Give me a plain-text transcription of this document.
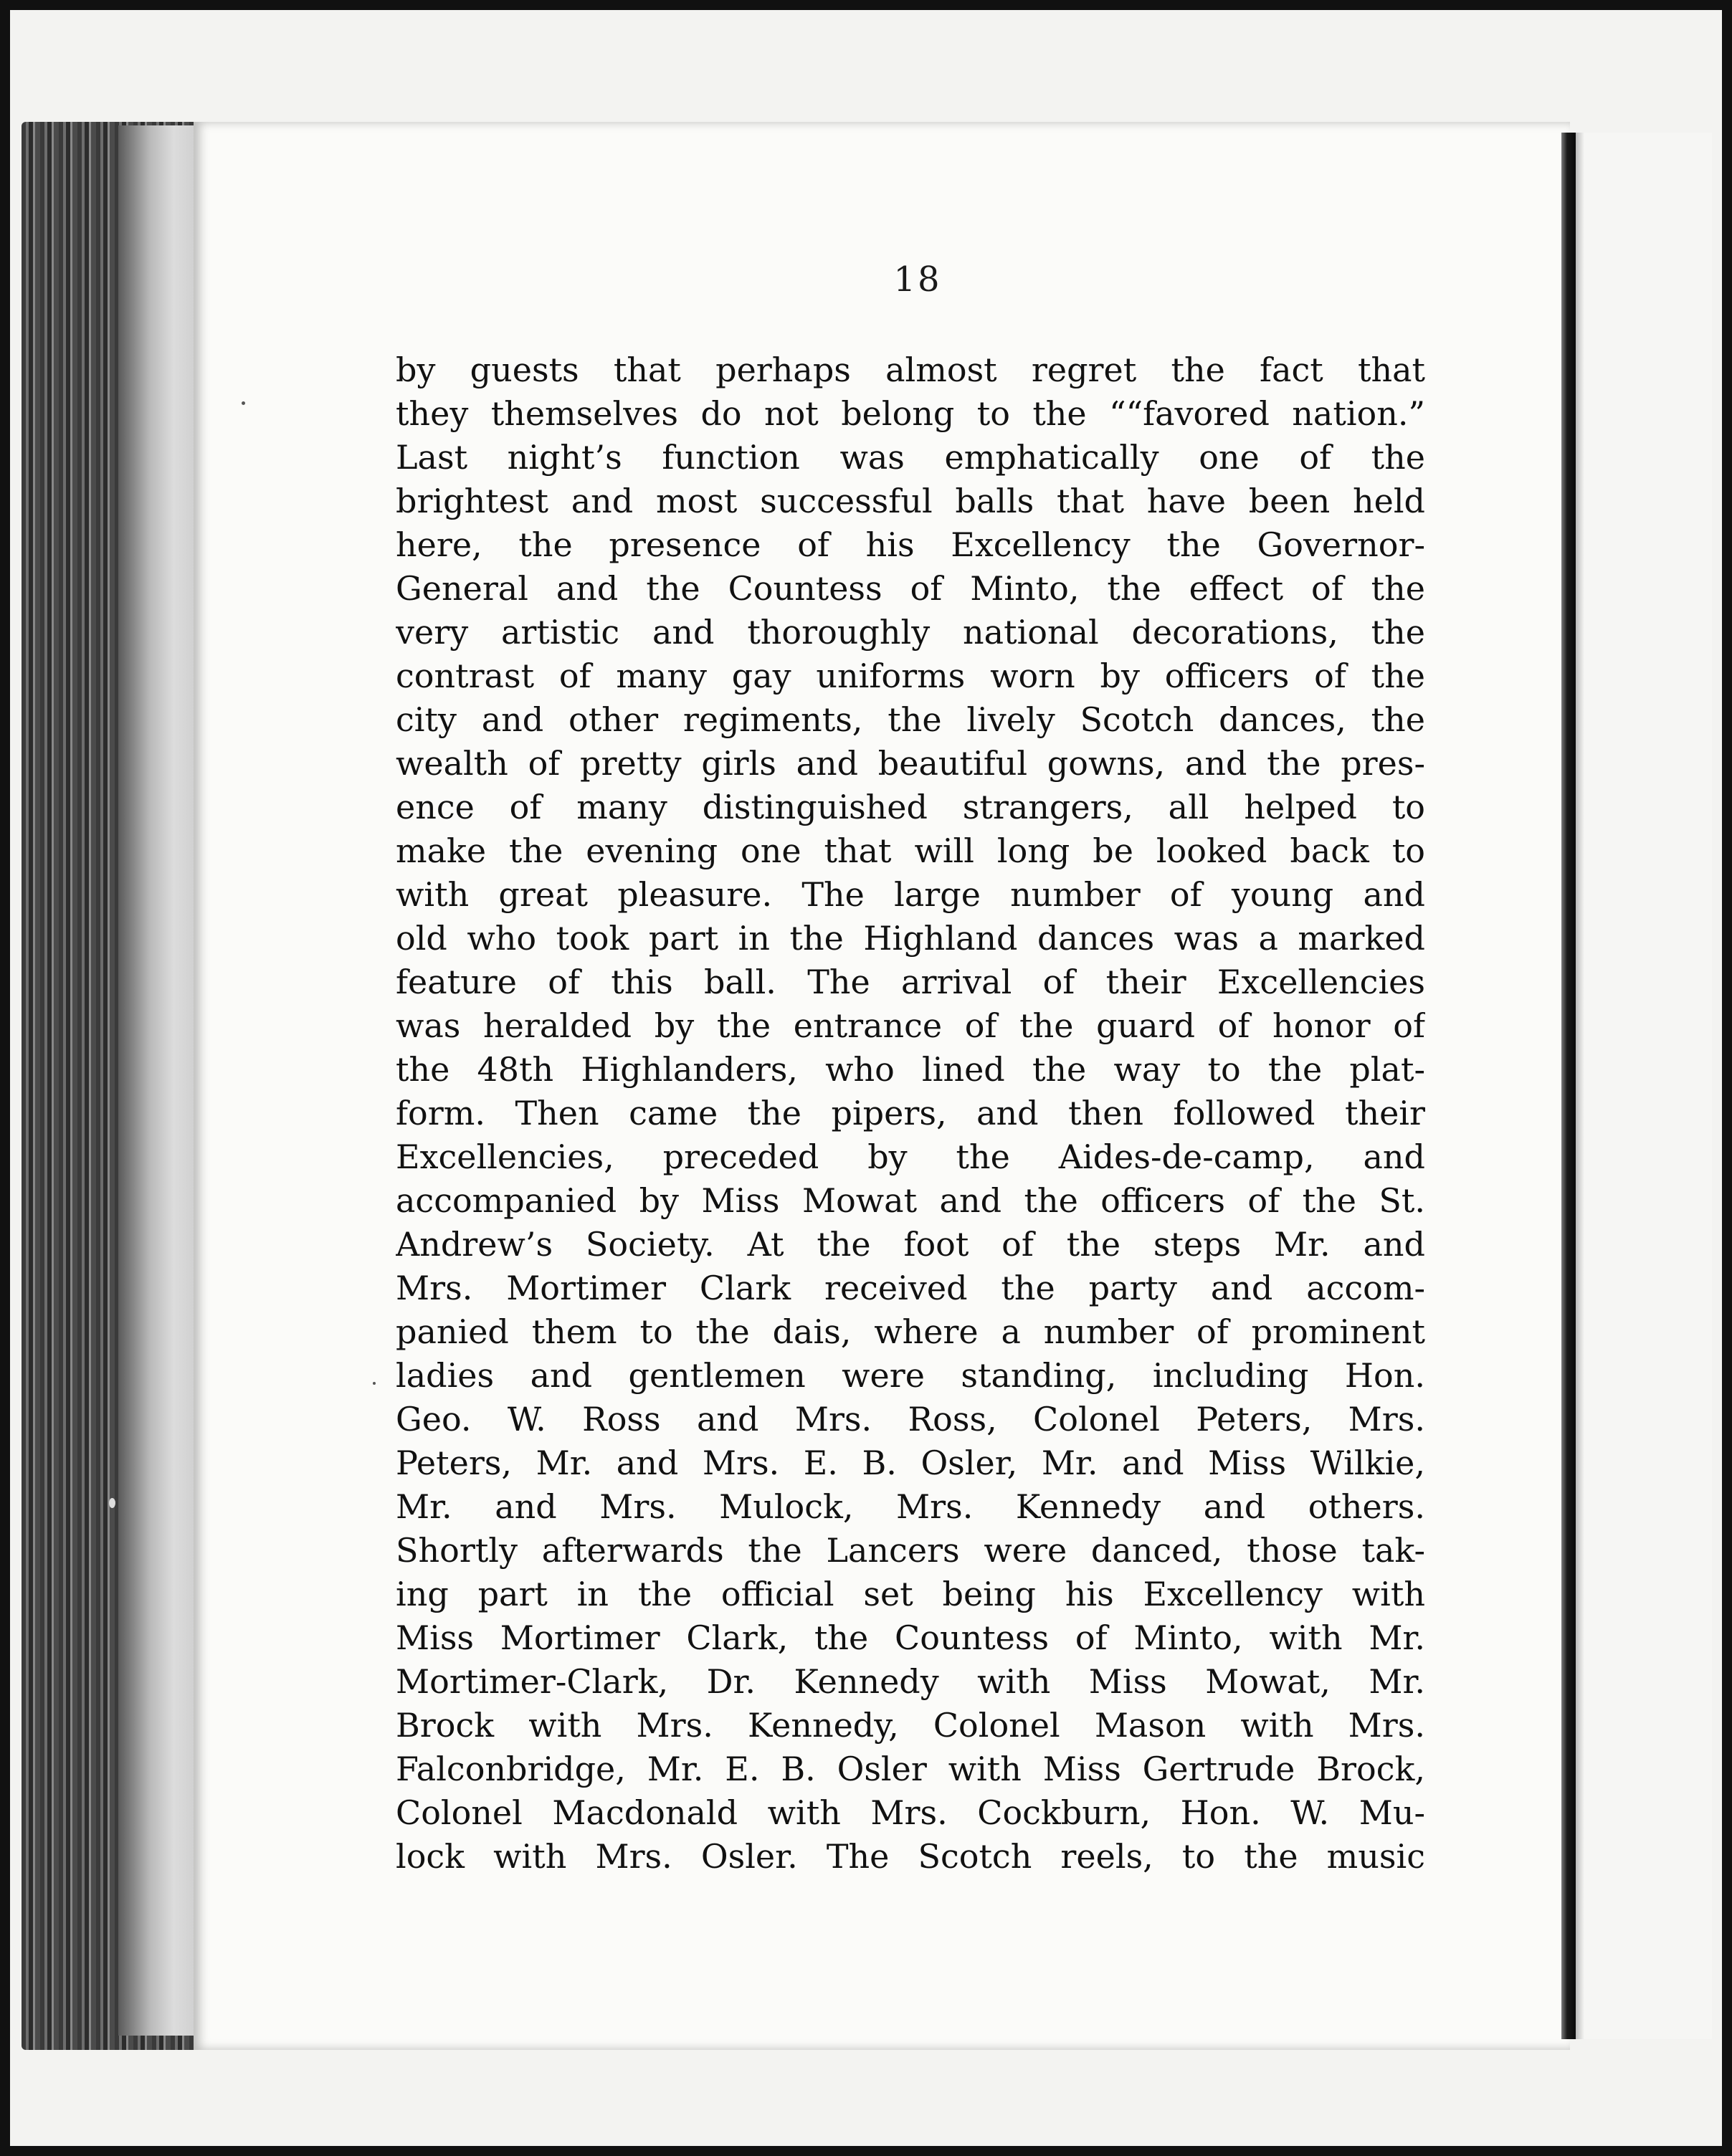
18

by guests that perhaps almost regret the fact that
they themselves do not belong to the ““favored nation.”
Last night’s function was emphatically one of the
brightest and most successful balls that have been held
here, the presence of his Excellency the Governor-
General and the Countess of Minto, the effect of the
very artistic and thoroughly national decorations, the
contrast of many gay uniforms worn by officers of the
city and other regiments, the lively Scotch dances, the
wealth of pretty girls and beautiful gowns, and the pres-
ence of many distinguished strangers, all helped to
make the evening one that will long be looked back to
with great pleasure. The large number of young and
old who took part in the Highland dances was a marked
feature of this ball. The arrival of their Excellencies
was heralded by the entrance of the guard of honor of
the 48th Highlanders, who lined the way to the plat-
form. Then came the pipers, and then followed their
Excellencies, preceded by the Aides-de-camp, and
accompanied by Miss Mowat and the officers of the St.
Andrew’s Society. At the foot of the steps Mr. and
Mrs. Mortimer Clark received the party and accom-
panied them to the dais, where a number of prominent
ladies and gentlemen were standing, including Hon.
Geo. W. Ross and Mrs. Ross, Colonel Peters, Mrs.
Peters, Mr. and Mrs. E. B. Osler, Mr. and Miss Wilkie,
Mr. and Mrs. Mulock, Mrs. Kennedy and others.
Shortly afterwards the Lancers were danced, those tak-
ing part in the official set being his Excellency with
Miss Mortimer Clark, the Countess of Minto, with Mr.
Mortimer-Clark, Dr. Kennedy with Miss Mowat, Mr.
Brock with Mrs. Kennedy, Colonel Mason with Mrs.
Falconbridge, Mr. E. B. Osler with Miss Gertrude Brock,
Colonel Macdonald with Mrs. Cockburn, Hon. W. Mu-
lock with Mrs. Osler. The Scotch reels, to the music
